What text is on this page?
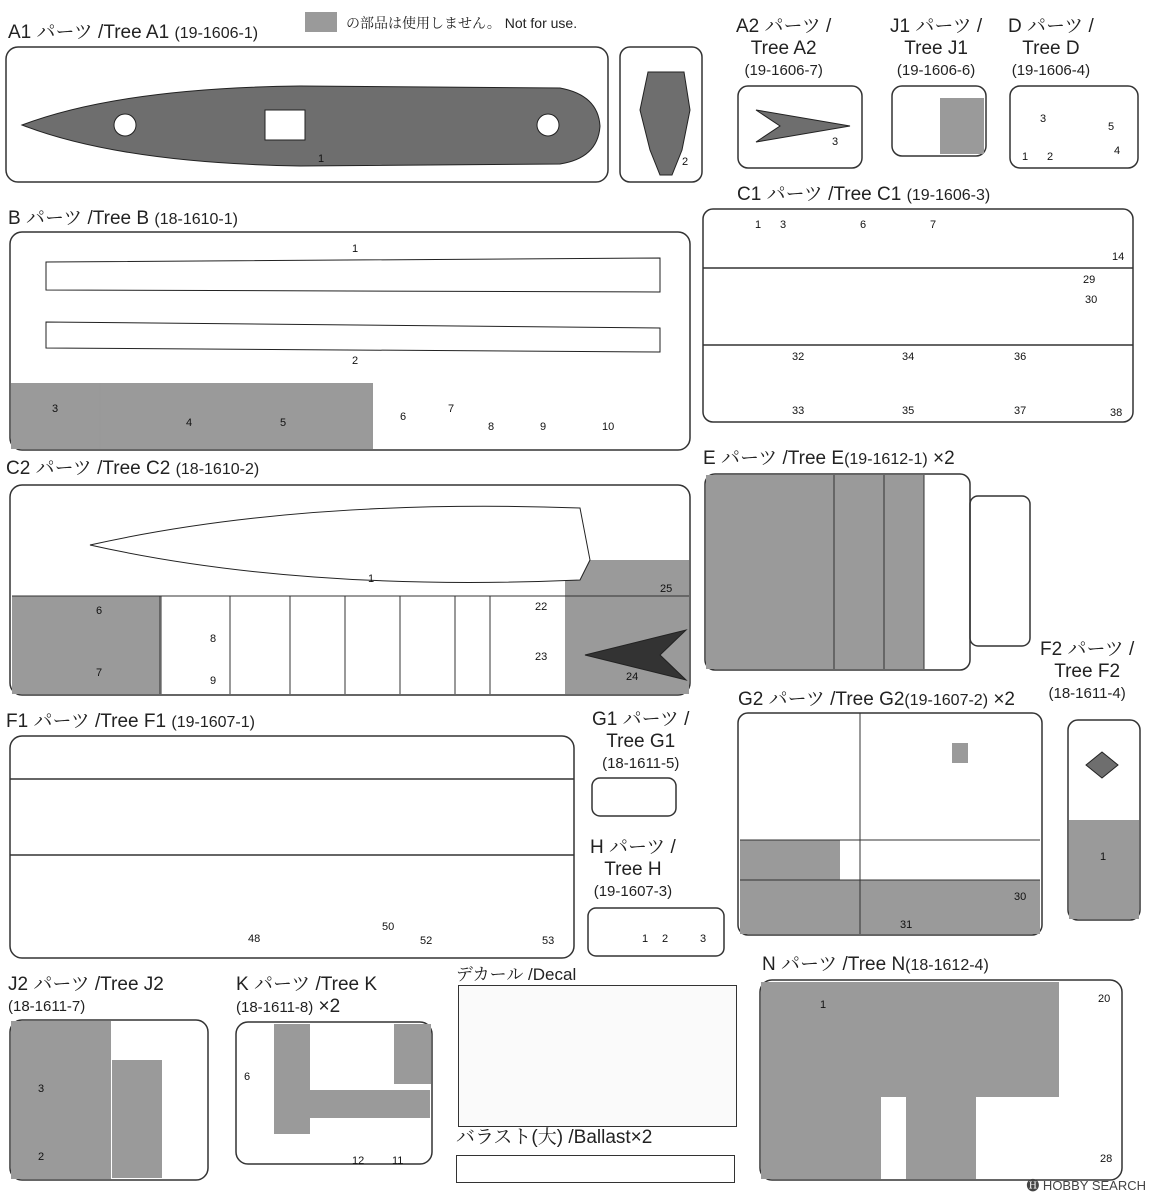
の部品は使用しません。 Not for use.
A1 パーツ /Tree A1 (19-1606-1)	A2 パーツ /
Tree A2
(19-1606-7)
J1 パーツ /
Tree J1
(19-1606-6)
D パーツ /
Tree D
(19-1606-4)
B パーツ /Tree B (18-1610-1)
C1 パーツ /Tree C1 (19-1606-3)
C2 パーツ /Tree C2 (18-1610-2)
E パーツ /Tree E(19-1612-1) ×2
F2 パーツ /
Tree F2
(18-1611-4)
F1 パーツ /Tree F1 (19-1607-1)	G1 パーツ /
Tree G1
(18-1611-5)
G2 パーツ /Tree G2(19-1607-2) ×2
H パーツ /
Tree H
(19-1607-3)
J2 パーツ /Tree J2
(18-1611-7)
K パーツ /Tree K
(18-1611-8) ×2
デカール /Decal	N パーツ /Tree N(18-1612-4)
バラスト(大) /Ballast×2
1	2
3
1
2
3
4	5	6
7
8	9	10
1
6
7
8
9
25
24
22
23
1 3	6	7
14
29
30
38
32	34	36
33	35	37
5
3
4
2
1
1
50
48	53
52	1 2	3
31
30
1	20
28
2
3
6
11
12
🅗 HOBBY SEARCH
